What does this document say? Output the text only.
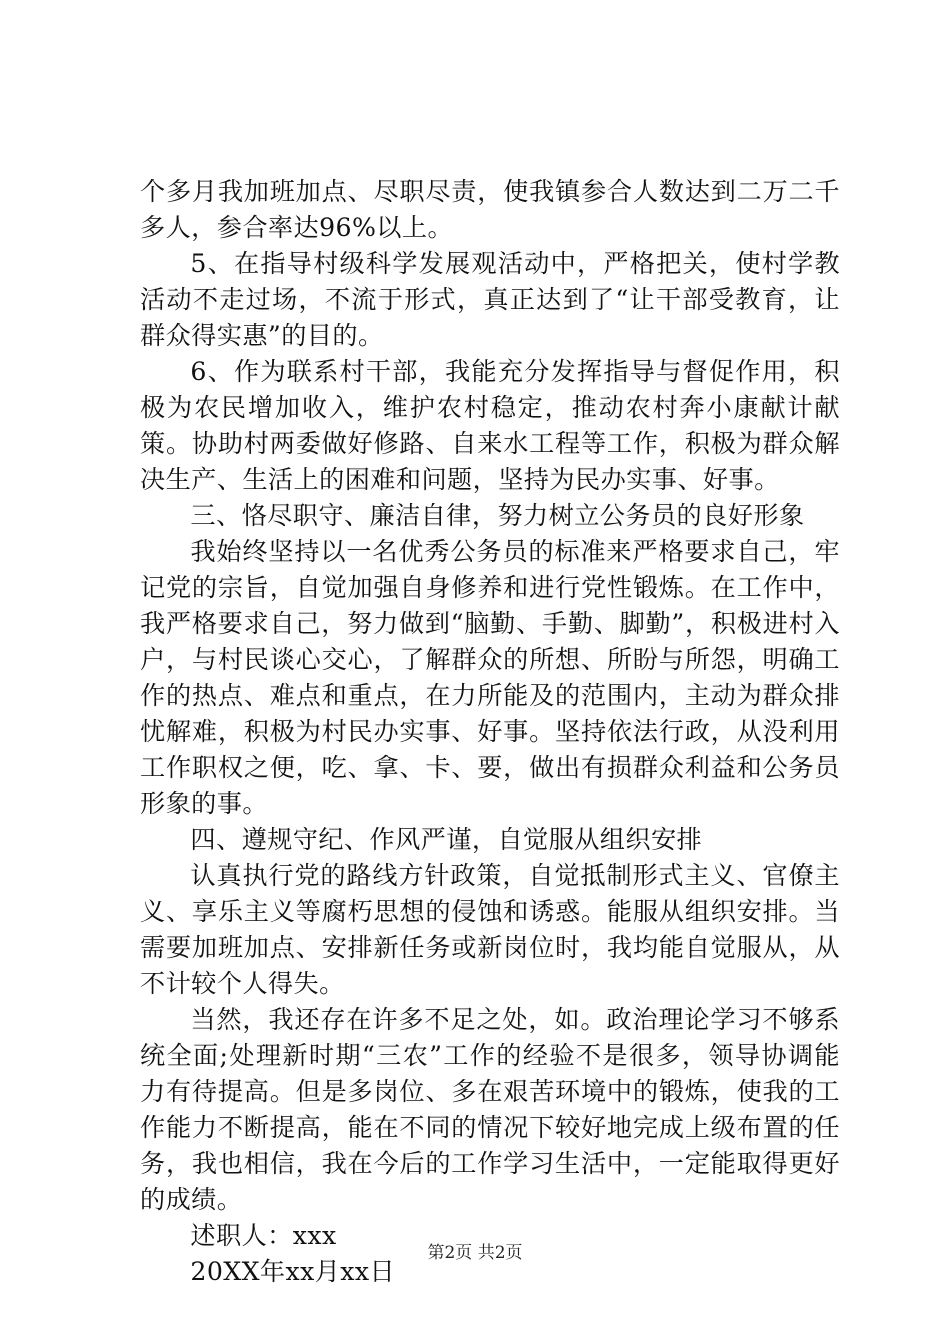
个多月我加班加点、尽职尽责，使我镇参合人数达到二万二千多人，参合率达96%以上。

5、在指导村级科学发展观活动中，严格把关，使村学教活动不走过场，不流于形式，真正达到了“让干部受教育，让群众得实惠”的目的。

6、作为联系村干部，我能充分发挥指导与督促作用，积极为农民增加收入，维护农村稳定，推动农村奔小康献计献策。协助村两委做好修路、自来水工程等工作，积极为群众解决生产、生活上的困难和问题，坚持为民办实事、好事。

三、恪尽职守、廉洁自律，努力树立公务员的良好形象

我始终坚持以一名优秀公务员的标准来严格要求自己，牢记党的宗旨，自觉加强自身修养和进行党性锻炼。在工作中，我严格要求自己，努力做到“脑勤、手勤、脚勤”，积极进村入户，与村民谈心交心，了解群众的所想、所盼与所怨，明确工作的热点、难点和重点，在力所能及的范围内，主动为群众排忧解难，积极为村民办实事、好事。坚持依法行政，从没利用工作职权之便，吃、拿、卡、要，做出有损群众利益和公务员形象的事。

四、遵规守纪、作风严谨，自觉服从组织安排

认真执行党的路线方针政策，自觉抵制形式主义、官僚主义、享乐主义等腐朽思想的侵蚀和诱惑。能服从组织安排。当需要加班加点、安排新任务或新岗位时，我均能自觉服从，从不计较个人得失。

当然，我还存在许多不足之处，如。政治理论学习不够系统全面;处理新时期“三农”工作的经验不是很多，领导协调能力有待提高。但是多岗位、多在艰苦环境中的锻炼，使我的工作能力不断提高，能在不同的情况下较好地完成上级布置的任务，我也相信，我在今后的工作学习生活中，一定能取得更好的成绩。

述职人：xxx

20XX年xx月xx日

第2页 共2页
